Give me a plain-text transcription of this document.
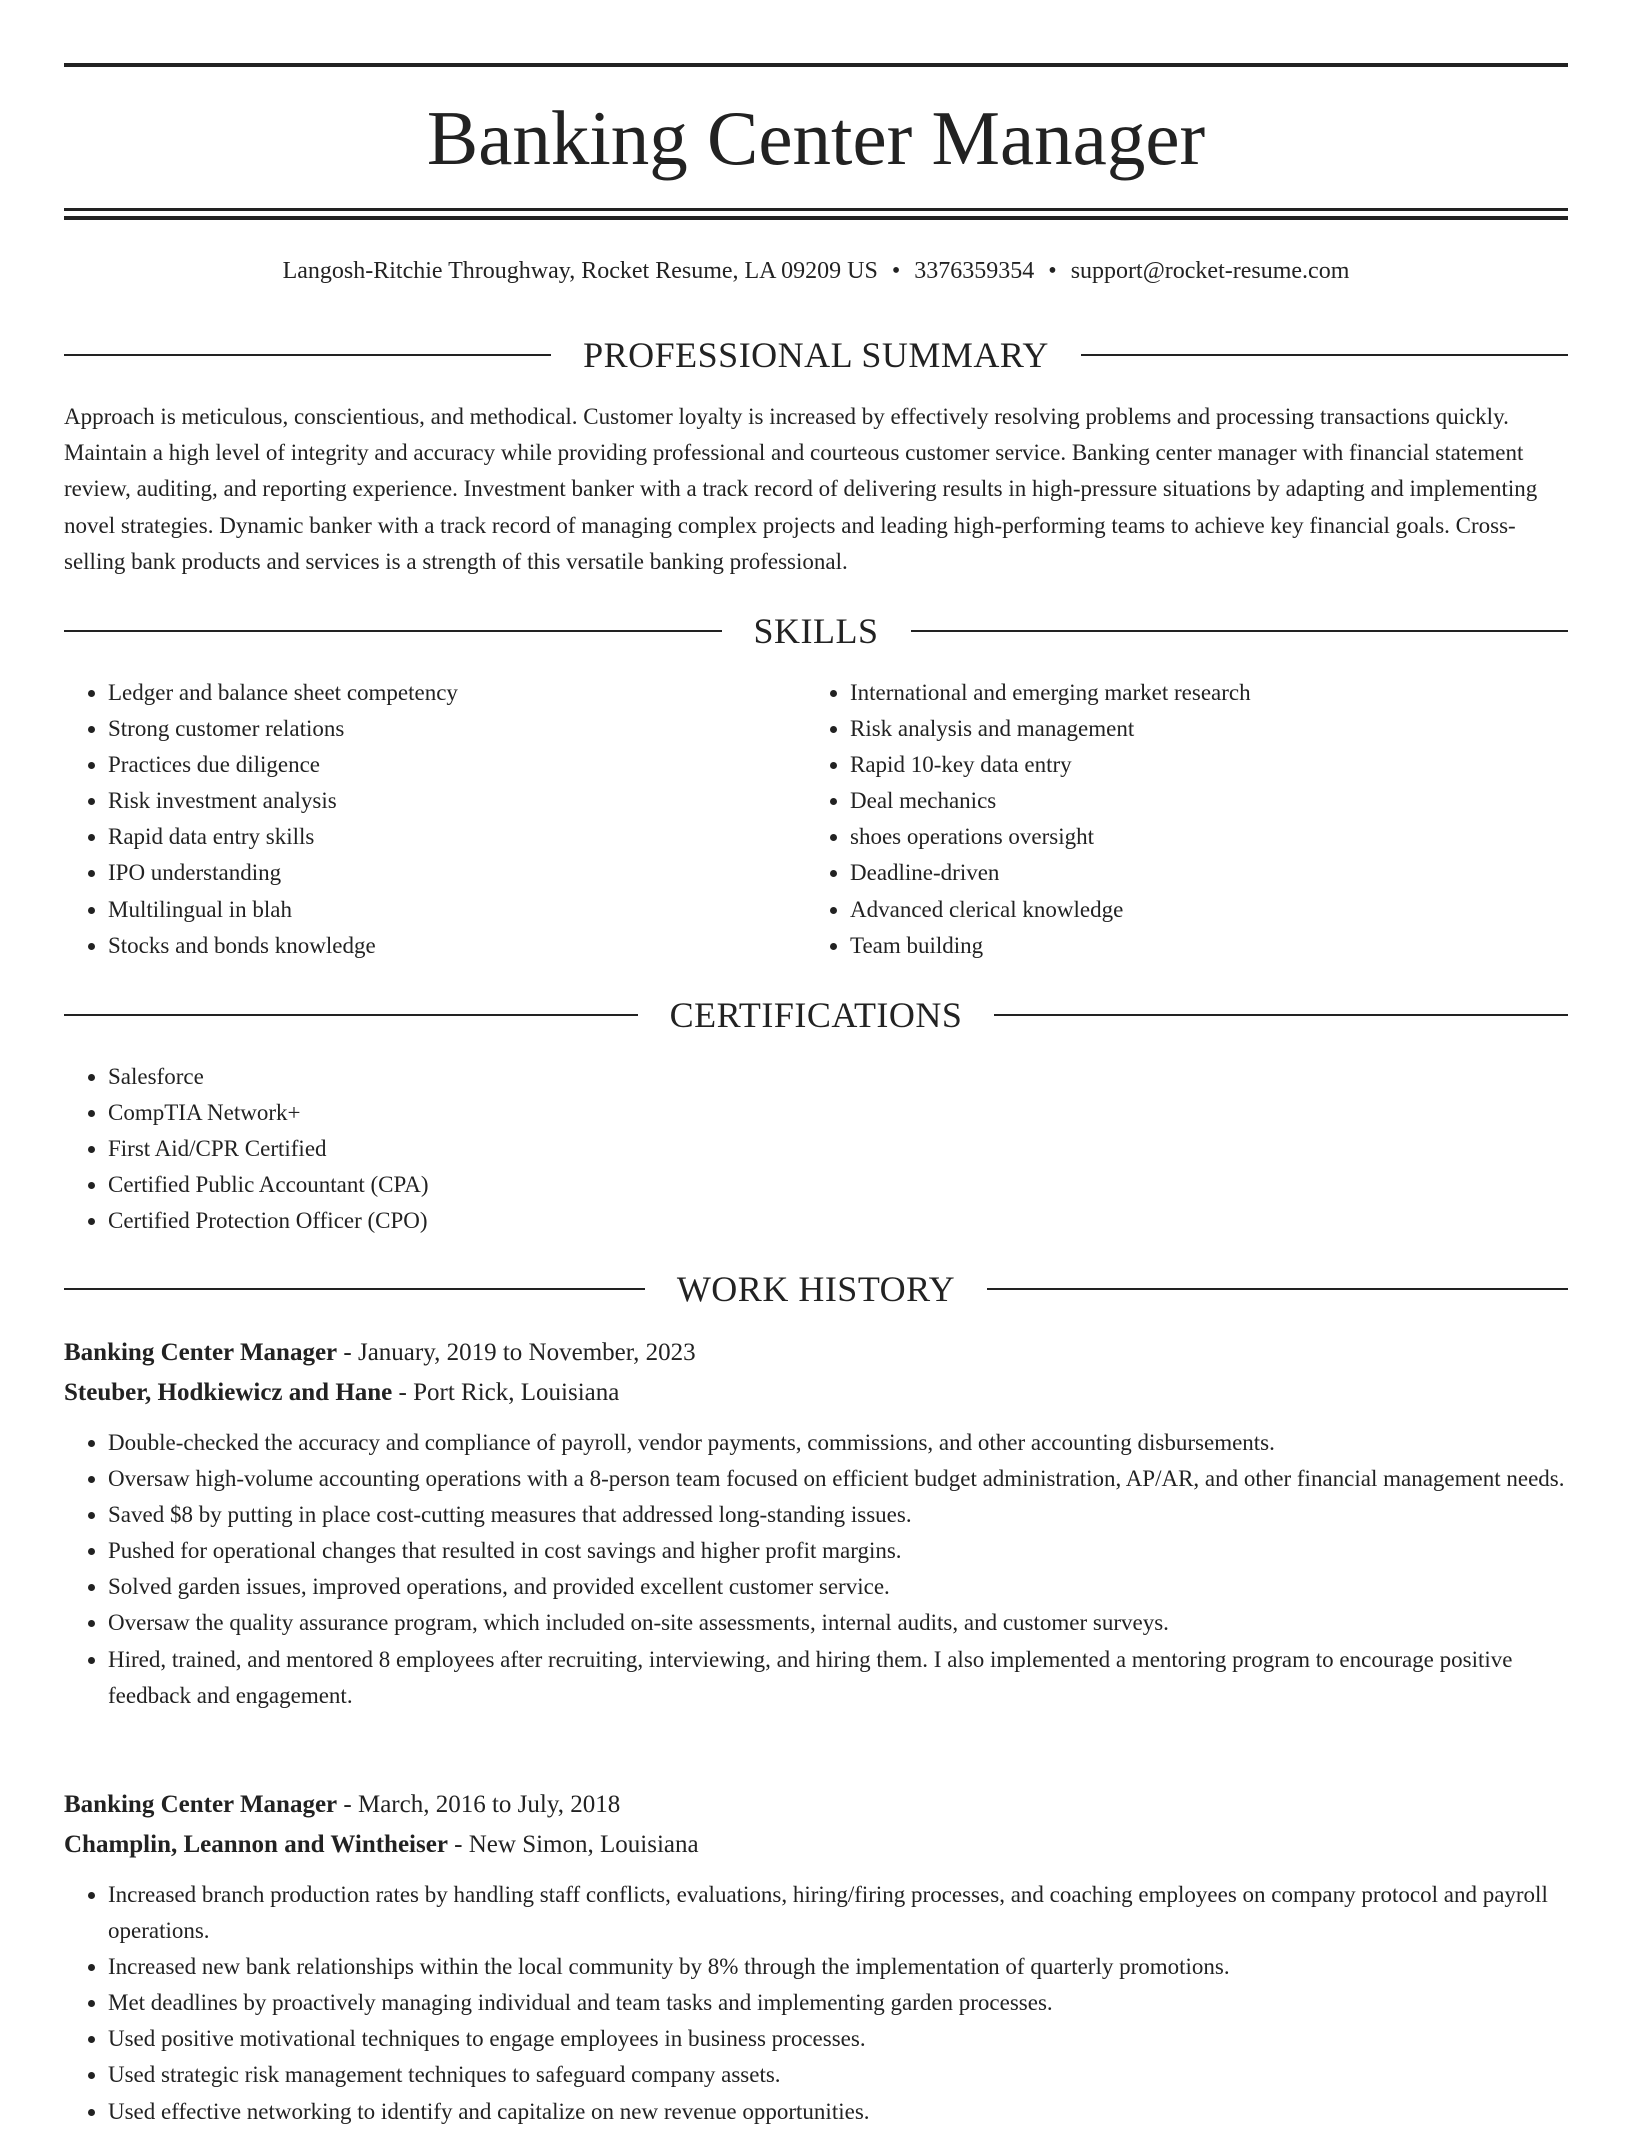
Banking Center Manager
Langosh-Ritchie Throughway, Rocket Resume, LA 09209 US • 3376359354 • support@rocket-resume.com
PROFESSIONAL SUMMARY

Approach is meticulous, conscientious, and methodical. Customer loyalty is increased by effectively resolving problems and processing transactions quickly. Maintain a high level of integrity and accuracy while providing professional and courteous customer service. Banking center manager with financial statement review, auditing, and reporting experience. Investment banker with a track record of delivering results in high-pressure situations by adapting and implementing novel strategies. Dynamic banker with a track record of managing complex projects and leading high-performing teams to achieve key financial goals. Cross-selling bank products and services is a strength of this versatile banking professional.

SKILLS
• Ledger and balance sheet competency
• Strong customer relations
• Practices due diligence
• Risk investment analysis
• Rapid data entry skills
• IPO understanding
• Multilingual in blah
• Stocks and bonds knowledge
• International and emerging market research
• Risk analysis and management
• Rapid 10-key data entry
• Deal mechanics
• shoes operations oversight
• Deadline-driven
• Advanced clerical knowledge
• Team building
CERTIFICATIONS
• Salesforce
• CompTIA Network+
• First Aid/CPR Certified
• Certified Public Accountant (CPA)
• Certified Protection Officer (CPO)
WORK HISTORY

Banking Center Manager - January, 2019 to November, 2023

Steuber, Hodkiewicz and Hane - Port Rick, Louisiana

• Double-checked the accuracy and compliance of payroll, vendor payments, commissions, and other accounting disbursements.
• Oversaw high-volume accounting operations with a 8-person team focused on efficient budget administration, AP/AR, and other financial management needs.
• Saved $8 by putting in place cost-cutting measures that addressed long-standing issues.
• Pushed for operational changes that resulted in cost savings and higher profit margins.
• Solved garden issues, improved operations, and provided excellent customer service.
• Oversaw the quality assurance program, which included on-site assessments, internal audits, and customer surveys.
• Hired, trained, and mentored 8 employees after recruiting, interviewing, and hiring them. I also implemented a mentoring program to encourage positive feedback and engagement.

Banking Center Manager - March, 2016 to July, 2018

Champlin, Leannon and Wintheiser - New Simon, Louisiana

• Increased branch production rates by handling staff conflicts, evaluations, hiring/firing processes, and coaching employees on company protocol and payroll operations.
• Increased new bank relationships within the local community by 8% through the implementation of quarterly promotions.
• Met deadlines by proactively managing individual and team tasks and implementing garden processes.
• Used positive motivational techniques to engage employees in business processes.
• Used strategic risk management techniques to safeguard company assets.
• Used effective networking to identify and capitalize on new revenue opportunities.
